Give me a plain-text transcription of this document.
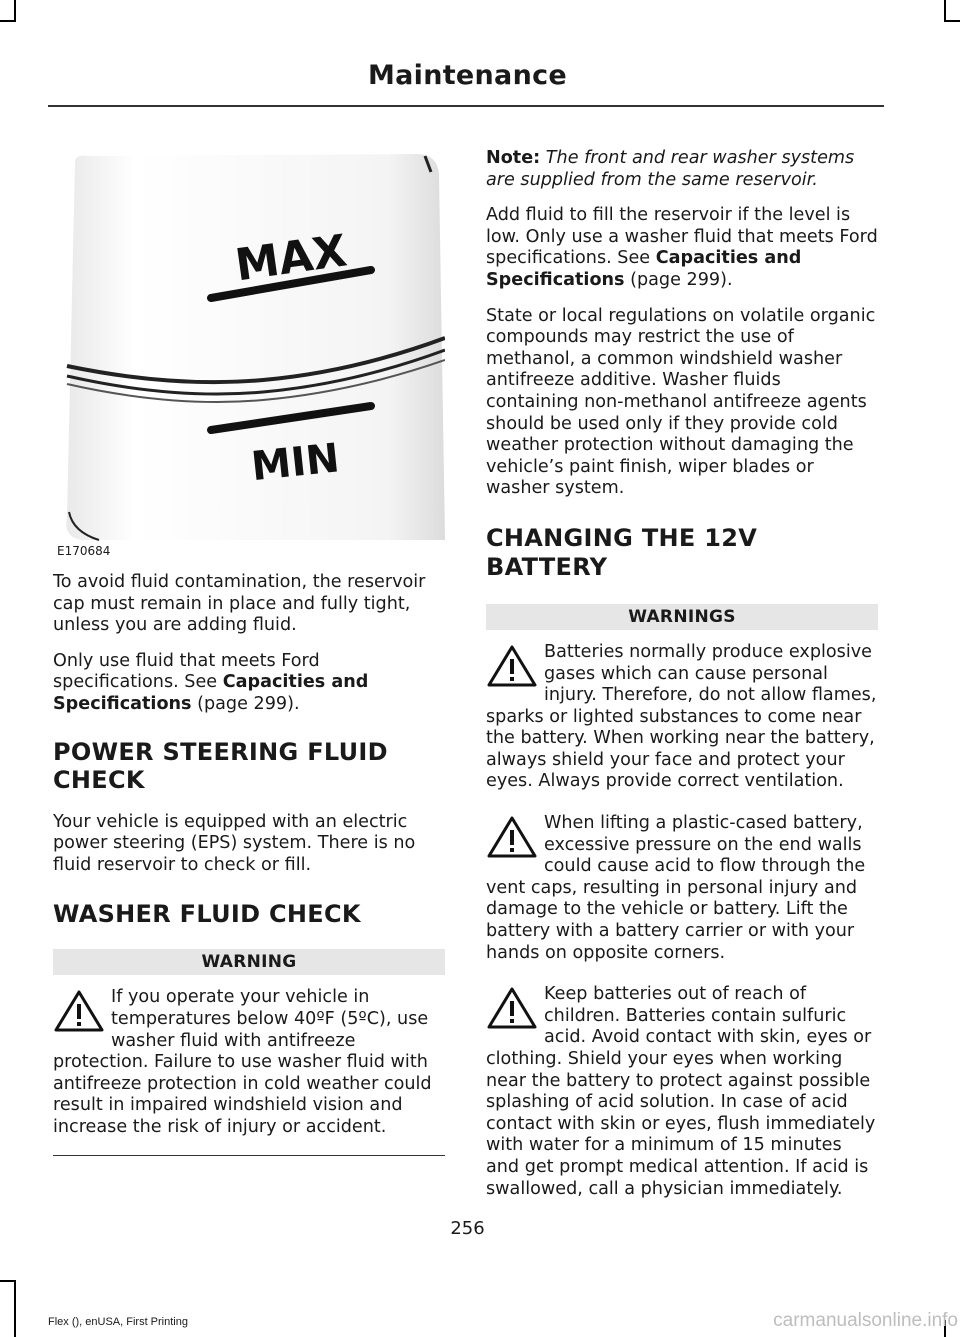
Maintenance
MAX
MIN
E170684

To avoid fluid contamination, the reservoir cap must remain in place and fully tight, unless you are adding fluid.

Only use fluid that meets Ford specifications. See Capacities and Specifications (page 299).

POWER STEERING FLUID CHECK

Your vehicle is equipped with an electric power steering (EPS) system. There is no fluid reservoir to check or fill.

WASHER FLUID CHECK
WARNING

If you operate your vehicle in temperatures below 40ºF (5ºC), use washer fluid with antifreeze protection. Failure to use washer fluid with antifreeze protection in cold weather could result in impaired windshield vision and increase the risk of injury or accident.

Note: The front and rear washer systems are supplied from the same reservoir.

Add fluid to fill the reservoir if the level is low. Only use a washer fluid that meets Ford specifications. See Capacities and Specifications (page 299).

State or local regulations on volatile organic compounds may restrict the use of methanol, a common windshield washer antifreeze additive. Washer fluids containing non-methanol antifreeze agents should be used only if they provide cold weather protection without damaging the vehicle’s paint finish, wiper blades or washer system.

CHANGING THE 12V BATTERY
WARNINGS

Batteries normally produce explosive gases which can cause personal injury. Therefore, do not allow flames, sparks or lighted substances to come near the battery. When working near the battery, always shield your face and protect your eyes. Always provide correct ventilation.

When lifting a plastic-cased battery, excessive pressure on the end walls could cause acid to flow through the vent caps, resulting in personal injury and damage to the vehicle or battery. Lift the battery with a battery carrier or with your hands on opposite corners.

Keep batteries out of reach of children. Batteries contain sulfuric acid. Avoid contact with skin, eyes or clothing. Shield your eyes when working near the battery to protect against possible splashing of acid solution. In case of acid contact with skin or eyes, flush immediately with water for a minimum of 15 minutes and get prompt medical attention. If acid is swallowed, call a physician immediately.

256
Flex (), enUSA, First Printing	carmanualsonline.info
